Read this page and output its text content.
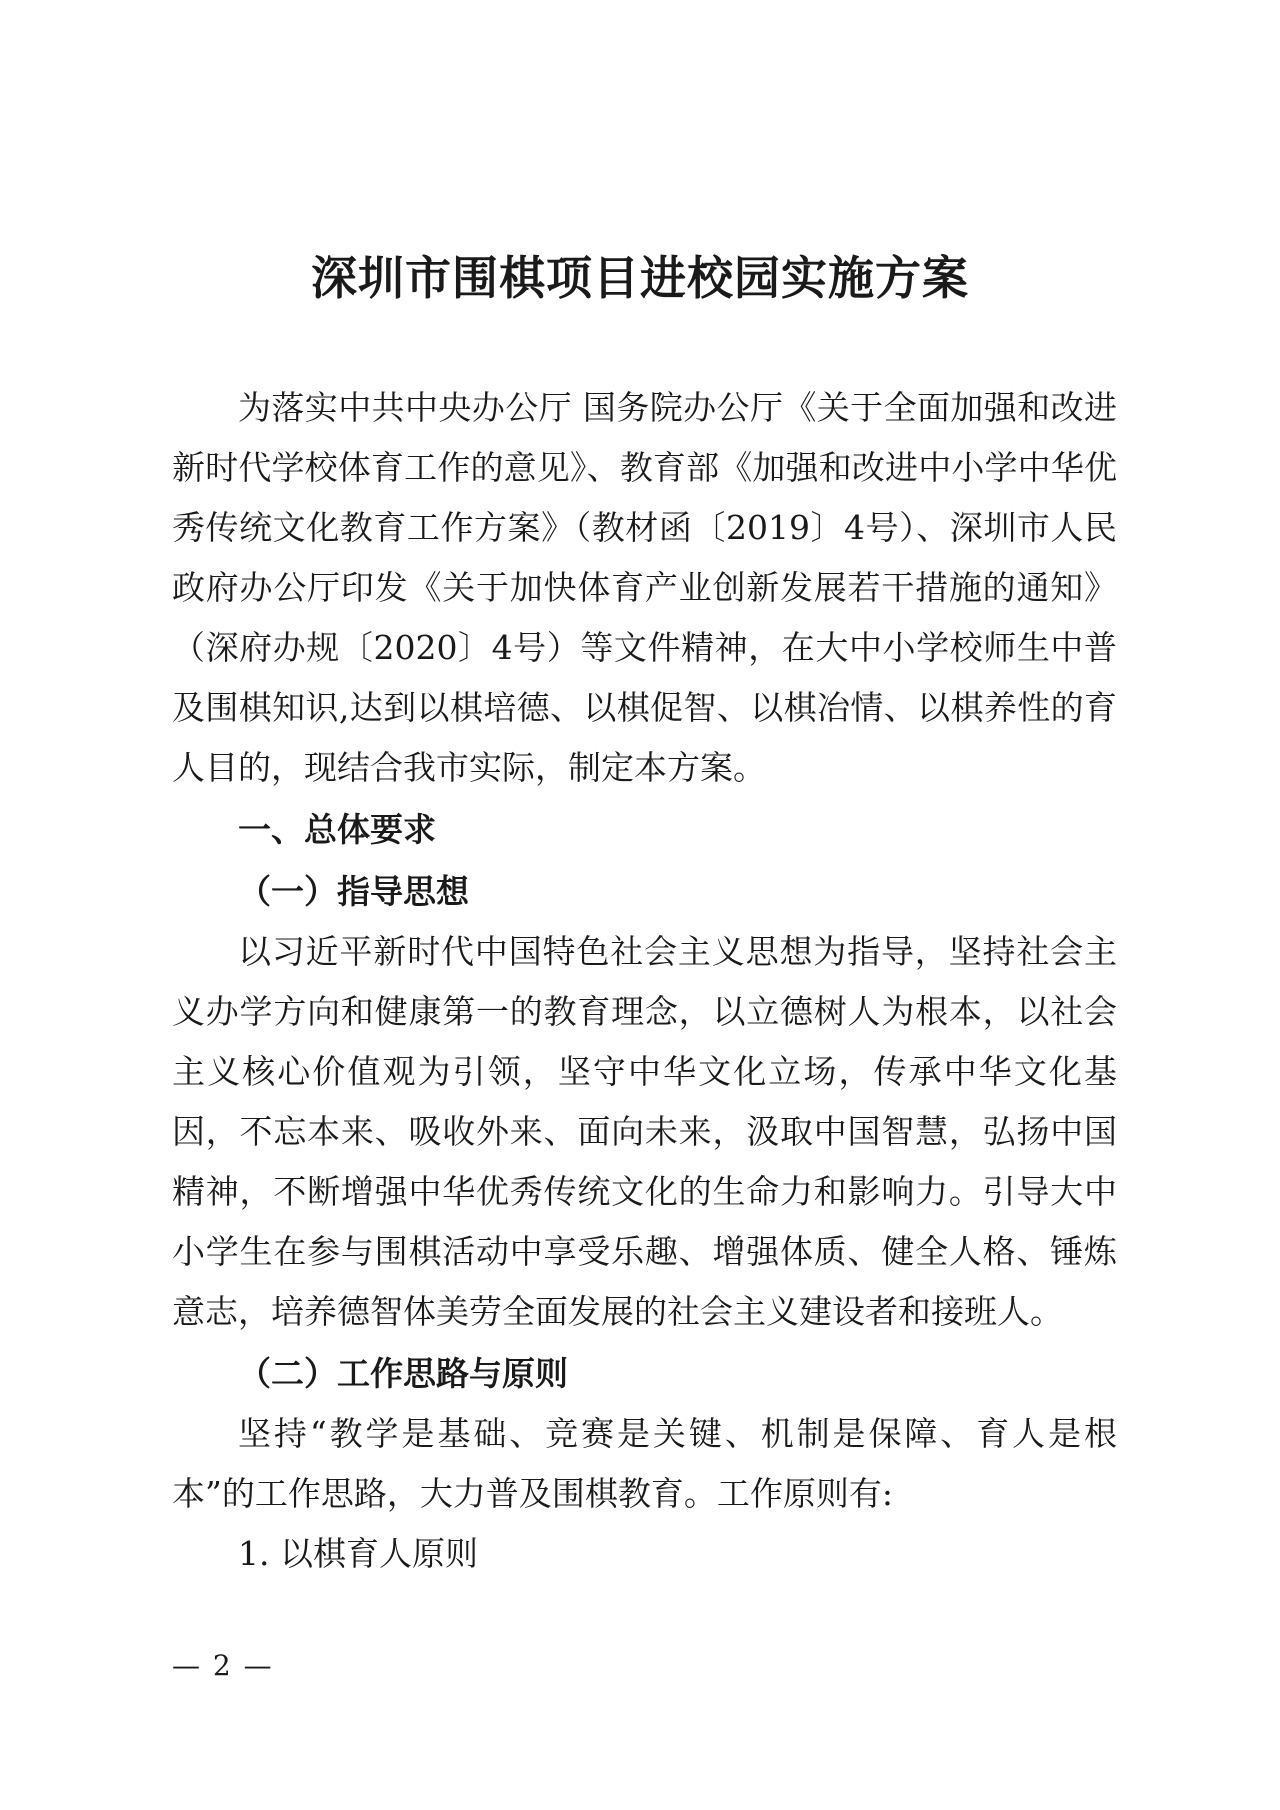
深圳市围棋项目进校园实施方案

为落实中共中央办公厅 国务院办公厅《关于全面加强和改进新时代学校体育工作的意见》、教育部《加强和改进中小学中华优秀传统文化教育工作方案》（教材函〔2019〕4号）、深圳市人民政府办公厅印发《关于加快体育产业创新发展若干措施的通知》（深府办规〔2020〕4号）等文件精神，在大中小学校师生中普及围棋知识,达到以棋培德、以棋促智、以棋冶情、以棋养性的育人目的，现结合我市实际，制定本方案。

一、总体要求

（一）指导思想

以习近平新时代中国特色社会主义思想为指导，坚持社会主义办学方向和健康第一的教育理念，以立德树人为根本，以社会主义核心价值观为引领，坚守中华文化立场，传承中华文化基因，不忘本来、吸收外来、面向未来，汲取中国智慧，弘扬中国精神，不断增强中华优秀传统文化的生命力和影响力。引导大中小学生在参与围棋活动中享受乐趣、增强体质、健全人格、锤炼意志，培养德智体美劳全面发展的社会主义建设者和接班人。

（二）工作思路与原则

坚持“教学是基础、竞赛是关键、机制是保障、育人是根本”的工作思路，大力普及围棋教育。工作原则有:

1. 以棋育人原则

— 2 —
